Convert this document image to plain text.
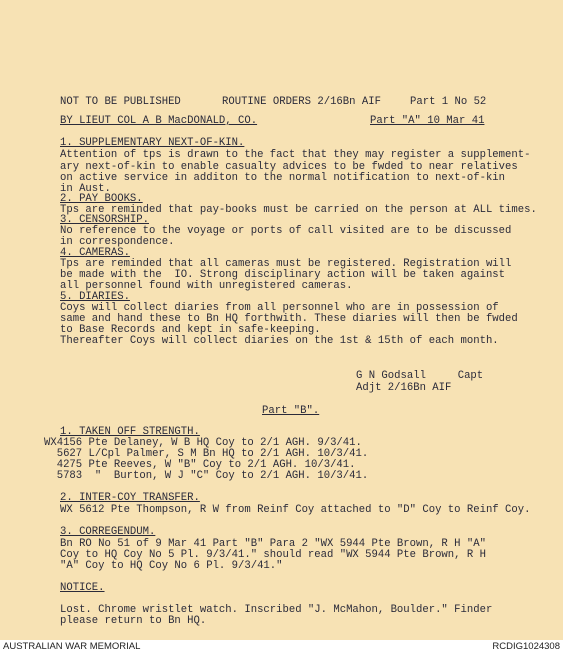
NOT TO BE PUBLISHED	ROUTINE ORDERS 2/16Bn AIF	Part 1 No 52
BY LIEUT COL A B MacDONALD, CO.	Part "A" 10 Mar 41
1. SUPPLEMENTARY NEXT-OF-KIN.
Attention of tps is drawn to the fact that they may register a supplement-
ary next-of-kin to enable casualty advices to be fwded to near relatives
on active service in additon to the normal notification to next-of-kin
in Aust.
2. PAY BOOKS.
Tps are reminded that pay-books must be carried on the person at ALL times.
3. CENSORSHIP.
No reference to the voyage or ports of call visited are to be discussed
in correspondence.
4. CAMERAS.
Tps are reminded that all cameras must be registered. Registration will
be made with the  IO. Strong disciplinary action will be taken against
all personnel found with unregistered cameras.
5. DIARIES.
Coys will collect diaries from all personnel who are in possession of
same and hand these to Bn HQ forthwith. These diaries will then be fwded
to Base Records and kept in safe-keeping.
Thereafter Coys will collect diaries on the 1st & 15th of each month.
G N Godsall     Capt
Adjt 2/16Bn AIF
Part "B".
1. TAKEN OFF STRENGTH.
WX4156 Pte Delaney, W B HQ Coy to 2/1 AGH. 9/3/41.
5627 L/Cpl Palmer, S M Bn HQ to 2/1 AGH. 10/3/41.
4275 Pte Reeves, W "B" Coy to 2/1 AGH. 10/3/41.
5783  "  Burton, W J "C" Coy to 2/1 AGH. 10/3/41.
2. INTER-COY TRANSFER.
WX 5612 Pte Thompson, R W from Reinf Coy attached to "D" Coy to Reinf Coy.
3. CORREGENDUM.
Bn RO No 51 of 9 Mar 41 Part "B" Para 2 "WX 5944 Pte Brown, R H "A"
Coy to HQ Coy No 5 Pl. 9/3/41." should read "WX 5944 Pte Brown, R H
"A" Coy to HQ Coy No 6 Pl. 9/3/41."
NOTICE.
Lost. Chrome wristlet watch. Inscribed "J. McMahon, Boulder." Finder
please return to Bn HQ.
AUSTRALIAN WAR MEMORIAL	RCDIG1024308
